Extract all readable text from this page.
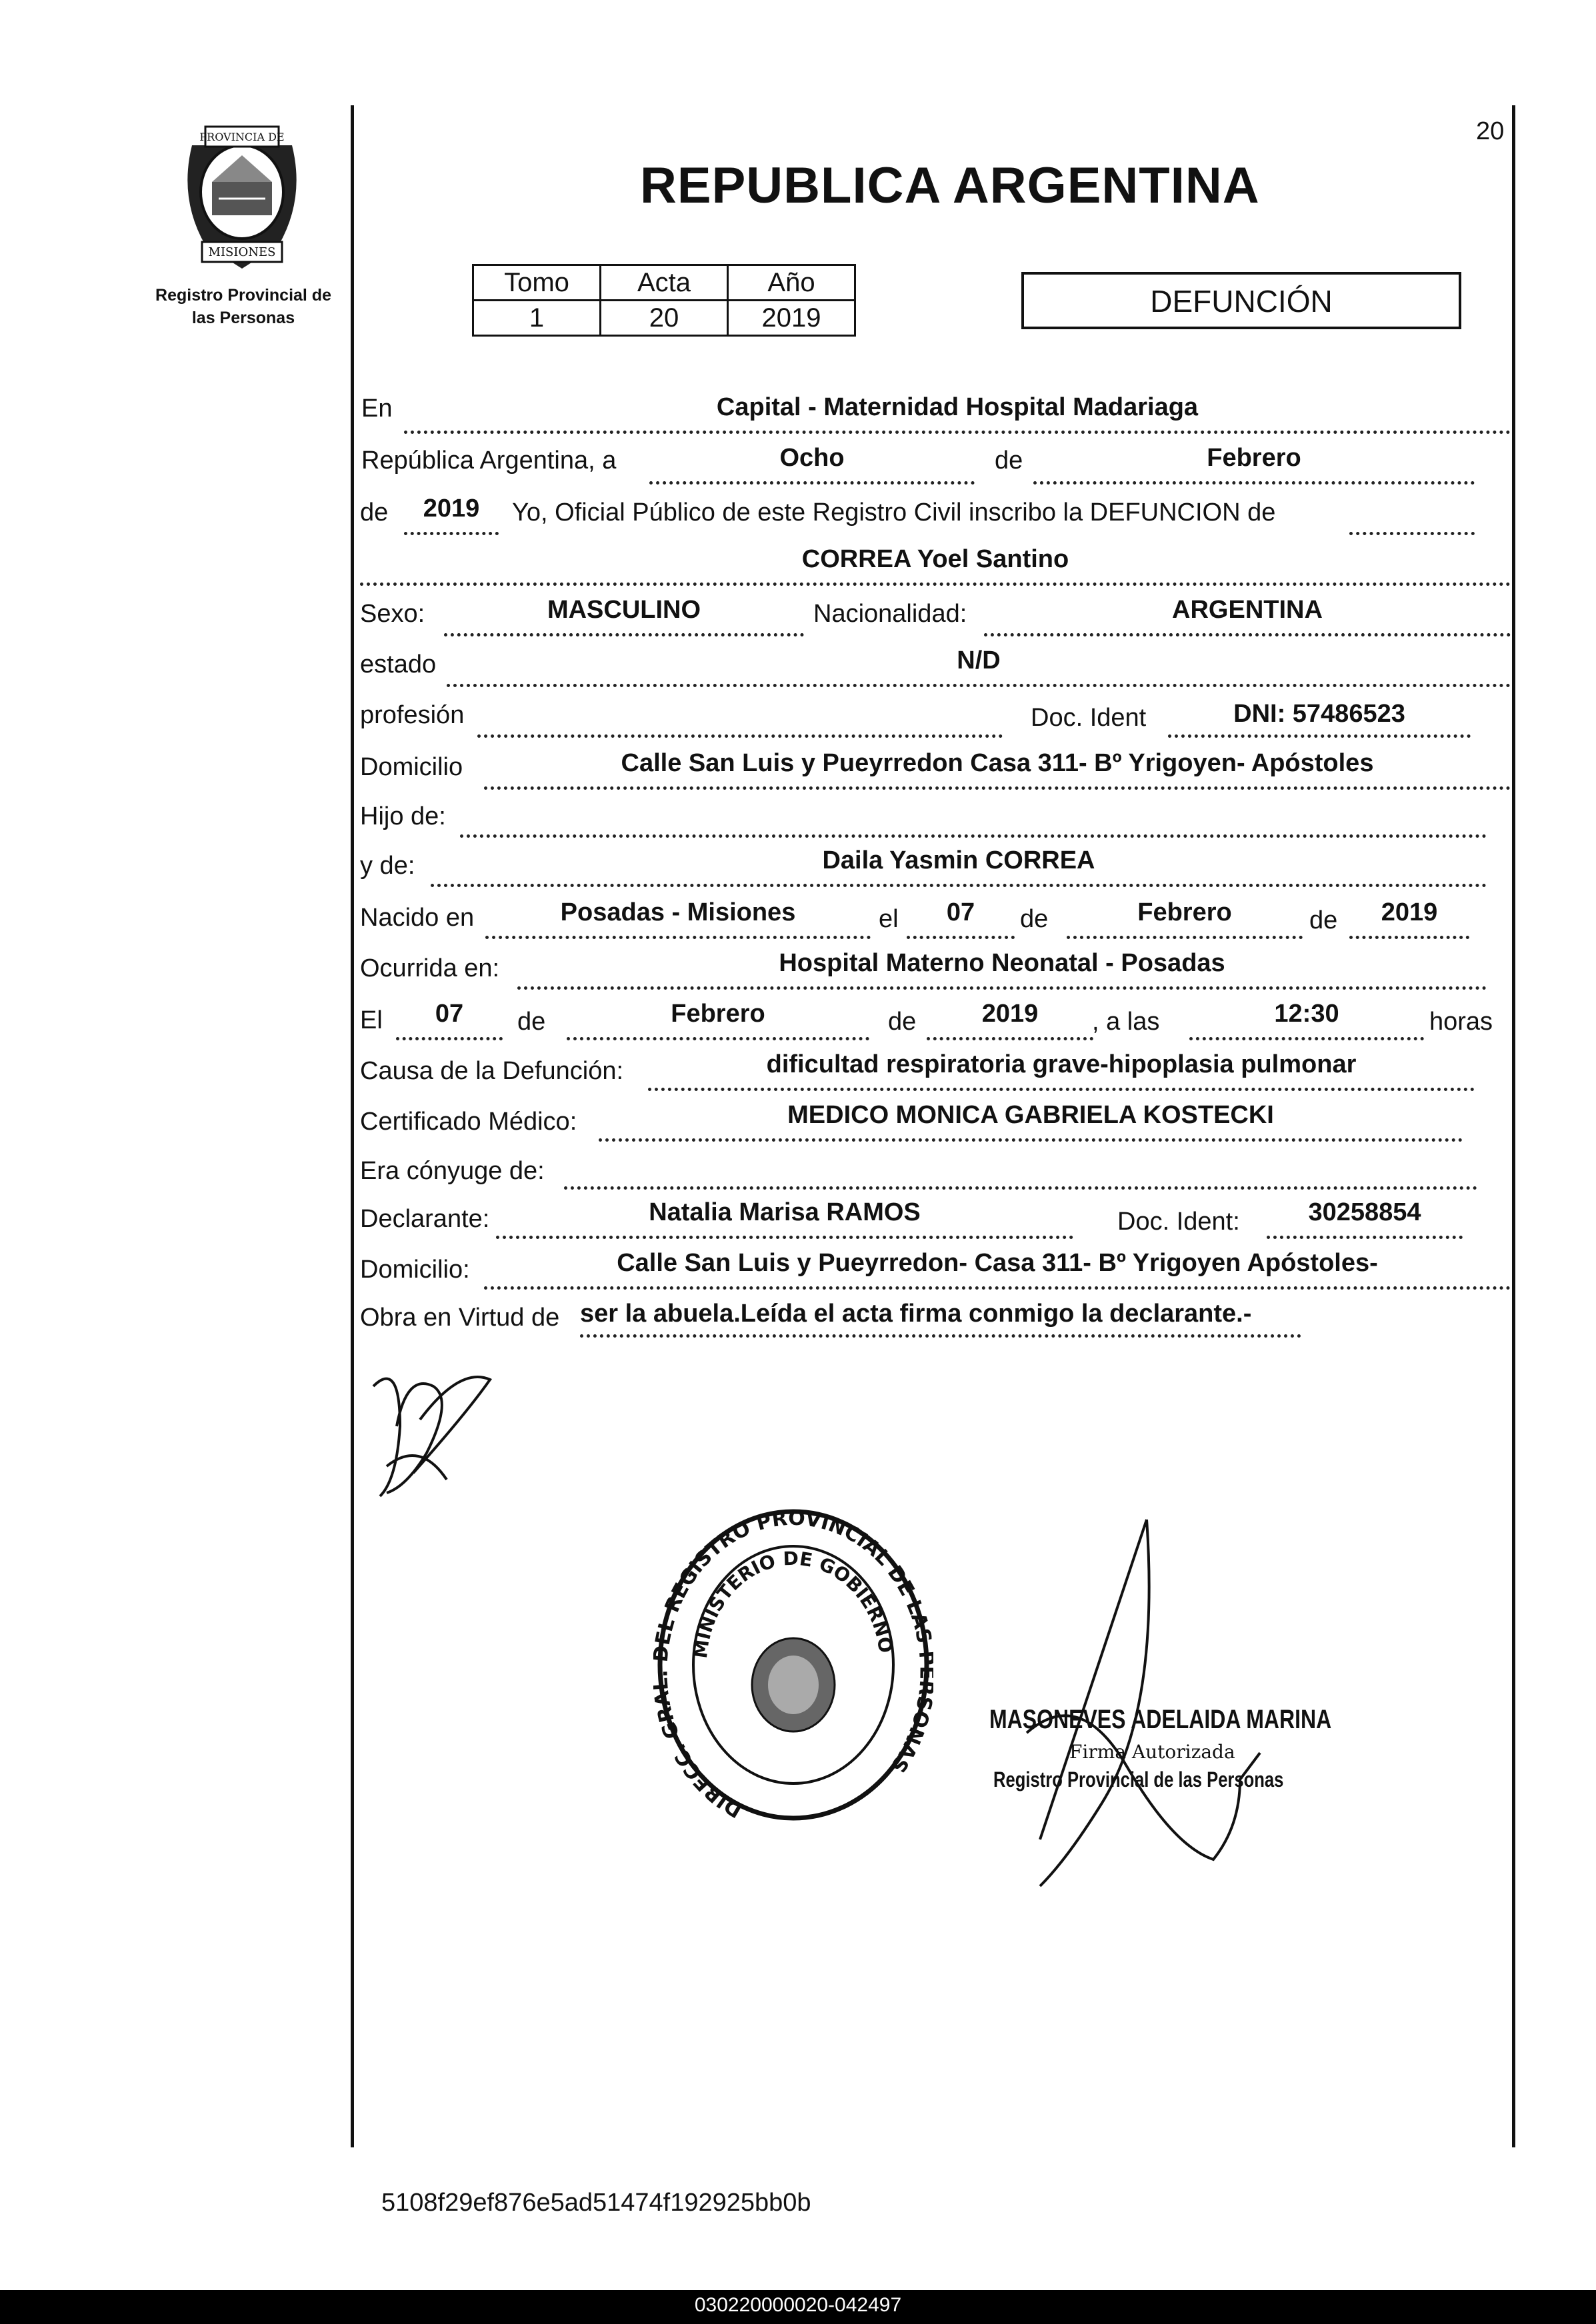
PROVINCIA DE
MISIONES
Registro Provincial de
las Personas
20
REPUBLICA ARGENTINA
Tomo	Acta	Año
1	20	2019	DEFUNCIÓN
En	Capital - Maternidad Hospital Madariaga
República Argentina, a	Ocho	de	Febrero
de	2019	Yo, Oficial Público de este Registro Civil inscribo la DEFUNCION de
CORREA Yoel Santino
Sexo:	MASCULINO	Nacionalidad:	ARGENTINA
estado	N/D
profesión	Doc. Ident	DNI: 57486523
Domicilio	Calle San Luis y Pueyrredon Casa 311- Bº Yrigoyen- Apóstoles
Hijo de:
y de:	Daila Yasmin CORREA
Nacido en	Posadas - Misiones	el	07	de	Febrero	de	2019
Ocurrida en:	Hospital Materno Neonatal - Posadas
El	07	de	Febrero	de	2019	, a las	12:30	horas
Causa de la Defunción:	dificultad respiratoria grave-hipoplasia pulmonar
Certificado Médico:	MEDICO MONICA GABRIELA KOSTECKI
Era cónyuge de:
Declarante:	Natalia Marisa RAMOS	Doc. Ident:	30258854
Domicilio:	Calle San Luis y Pueyrredon- Casa 311- Bº Yrigoyen Apóstoles-
Obra en Virtud de ser la abuela.Leída el acta firma conmigo la declarante.-
DIRECC. GR EL REGISTRO PROVINCIAL DE LA ONAS
MINISTERIO DE GOBIERNO
MASONEVES ADELAIDA MARINA
Firma Autorizada
Registro Provincial de las Personas
5108f29ef876e5ad51474f192925bb0b
030220000020-042497
